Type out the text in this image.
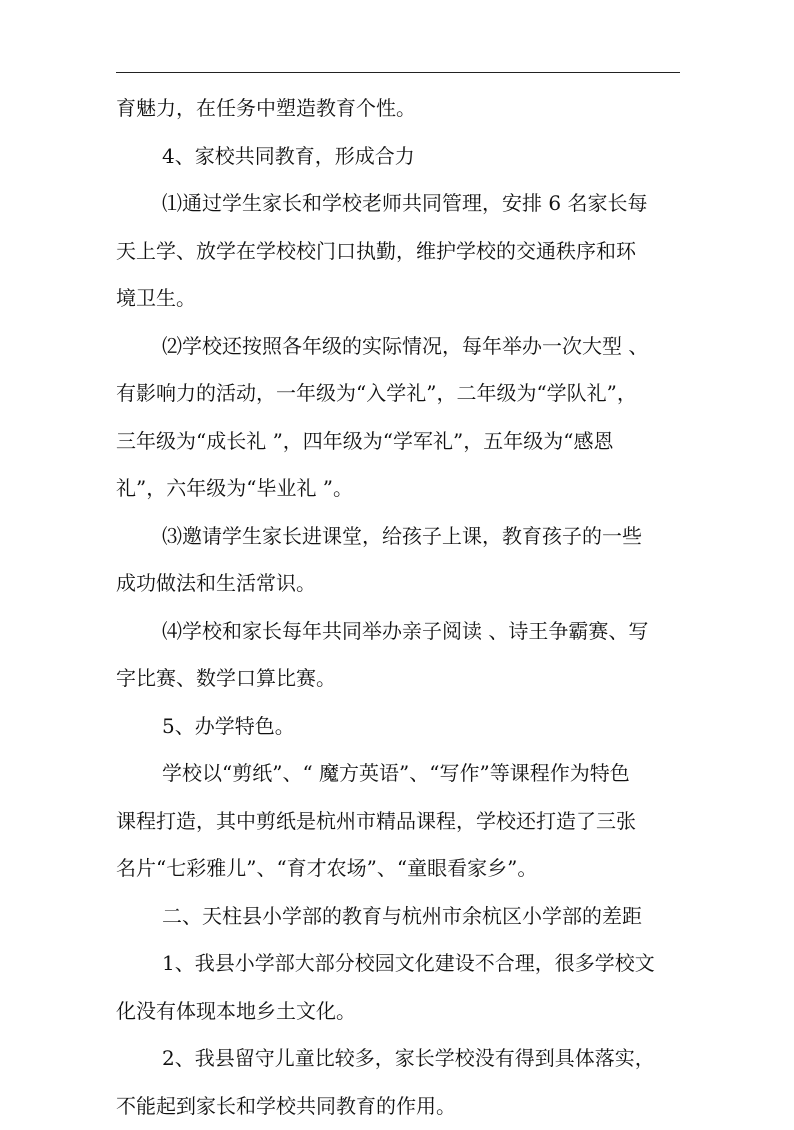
育魅力，在任务中塑造教育个性。
4、家校共同教育，形成合力
⑴通过学生家长和学校老师共同管理，安排 6 名家长每
天上学、放学在学校校门口执勤，维护学校的交通秩序和环
境卫生。
⑵学校还按照各年级的实际情况，每年举办一次大型 、
有影响力的活动，一年级为“入学礼”，二年级为“学队礼”，
三年级为“成长礼 ”，四年级为“学军礼”，五年级为“感恩
礼”，六年级为“毕业礼 ”。
⑶邀请学生家长进课堂，给孩子上课，教育孩子的一些
成功做法和生活常识。
⑷学校和家长每年共同举办亲子阅读 、诗王争霸赛、写
字比赛、数学口算比赛。
5、办学特色。
学校以“剪纸”、“ 魔方英语”、“写作”等课程作为特色
课程打造，其中剪纸是杭州市精品课程，学校还打造了三张
名片“七彩雅儿”、“育才农场”、“童眼看家乡”。
二、天柱县小学部的教育与杭州市余杭区小学部的差距
1、我县小学部大部分校园文化建设不合理，很多学校文
化没有体现本地乡土文化。
2、我县留守儿童比较多，家长学校没有得到具体落实，
不能起到家长和学校共同教育的作用。
